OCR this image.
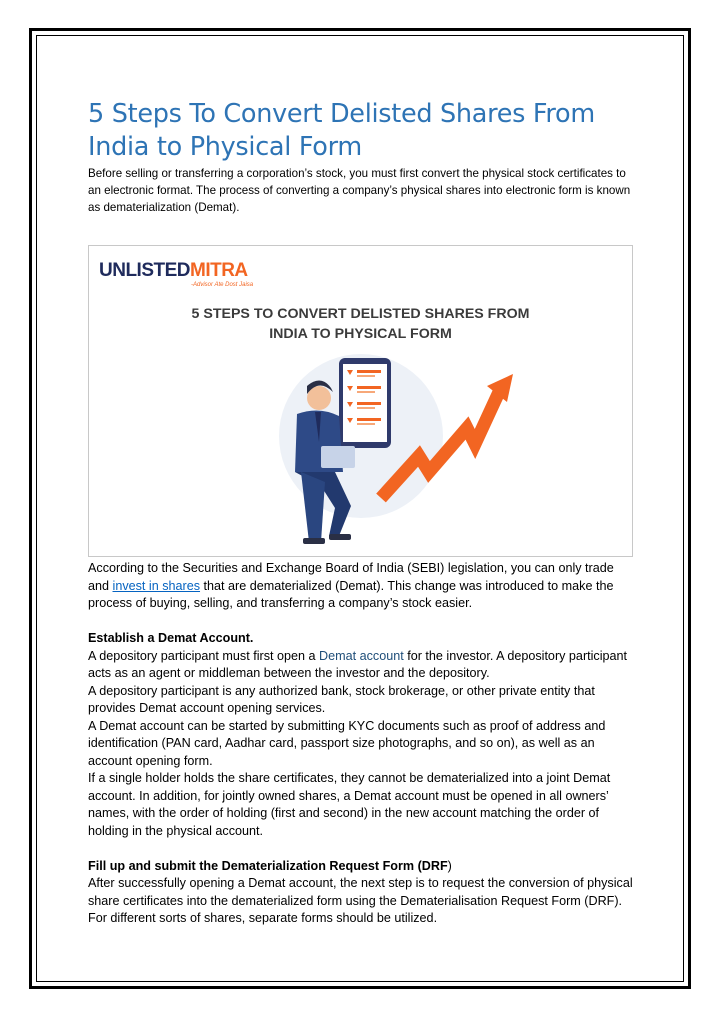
5 Steps To Convert Delisted Shares From India to Physical Form

Before selling or transferring a corporation’s stock, you must first convert the physical stock certificates to an electronic format. The process of converting a company’s physical shares into electronic form is known as dematerialization (Demat).

UNLISTEDMITRA
-Advisor Ate Dost Jaisa
5 STEPS TO CONVERT DELISTED SHARES FROM
INDIA TO PHYSICAL FORM

According to the Securities and Exchange Board of India (SEBI) legislation, you can only trade and invest in shares that are dematerialized (Demat). This change was introduced to make the process of buying, selling, and transferring a company’s stock easier.

Establish a Demat Account.

A depository participant must first open a Demat account for the investor. A depository participant acts as an agent or middleman between the investor and the depository.

A depository participant is any authorized bank, stock brokerage, or other private entity that provides Demat account opening services.

A Demat account can be started by submitting KYC documents such as proof of address and identification (PAN card, Aadhar card, passport size photographs, and so on), as well as an account opening form.

If a single holder holds the share certificates, they cannot be dematerialized into a joint Demat account. In addition, for jointly owned shares, a Demat account must be opened in all owners’ names, with the order of holding (first and second) in the new account matching the order of holding in the physical account.

Fill up and submit the Dematerialization Request Form (DRF)

After successfully opening a Demat account, the next step is to request the conversion of physical share certificates into the dematerialized form using the Dematerialisation Request Form (DRF). For different sorts of shares, separate forms should be utilized.
